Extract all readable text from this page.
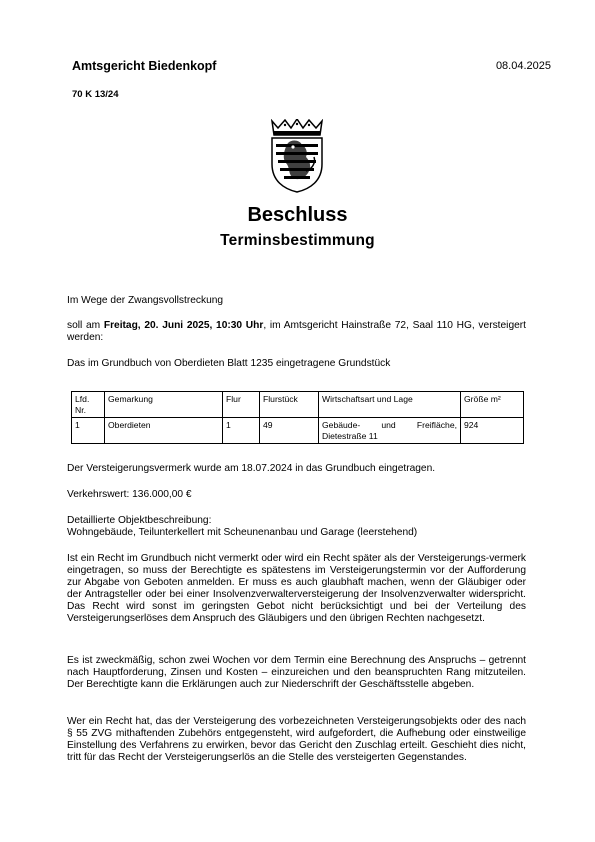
Amtsgericht Biedenkopf	08.04.2025
70 K 13/24
Beschluss
Terminsbestimmung
Im Wege der Zwangsvollstreckung
soll am Freitag, 20. Juni 2025, 10:30 Uhr, im Amtsgericht Hainstraße 72, Saal 110 HG, versteigert werden:
Das im Grundbuch von Oberdieten Blatt 1235 eingetragene Grundstück
Lfd. Nr.	Gemarkung	Flur	Flurstück	Wirtschaftsart und Lage	Größe m²
1	Oberdieten	1	49	Gebäude- und Freifläche, Dietestraße 11	924
Der Versteigerungsvermerk wurde am 18.07.2024 in das Grundbuch eingetragen.
Verkehrswert: 136.000,00 €
Detaillierte Objektbeschreibung:
Wohngebäude, Teilunterkellert mit Scheunenanbau und Garage (leerstehend)
Ist ein Recht im Grundbuch nicht vermerkt oder wird ein Recht später als der Versteigerungs-vermerk eingetragen, so muss der Berechtigte es spätestens im Versteigerungstermin vor der Aufforderung zur Abgabe von Geboten anmelden. Er muss es auch glaubhaft machen, wenn der Gläubiger oder der Antragsteller oder bei einer Insolvenzverwalterversteigerung der Insolvenzverwalter widerspricht. Das Recht wird sonst im geringsten Gebot nicht berücksichtigt und bei der Verteilung des Versteigerungserlöses dem Anspruch des Gläubigers und den übrigen Rechten nachgesetzt.
Es ist zweckmäßig, schon zwei Wochen vor dem Termin eine Berechnung des Anspruchs – getrennt nach Hauptforderung, Zinsen und Kosten – einzureichen und den beanspruchten Rang mitzuteilen. Der Berechtigte kann die Erklärungen auch zur Niederschrift der Geschäftsstelle abgeben.
Wer ein Recht hat, das der Versteigerung des vorbezeichneten Versteigerungsobjekts oder des nach § 55 ZVG mithaftenden Zubehörs entgegensteht, wird aufgefordert, die Aufhebung oder einstweilige Einstellung des Verfahrens zu erwirken, bevor das Gericht den Zuschlag erteilt. Geschieht dies nicht, tritt für das Recht der Versteigerungserlös an die Stelle des versteigerten Gegenstandes.
